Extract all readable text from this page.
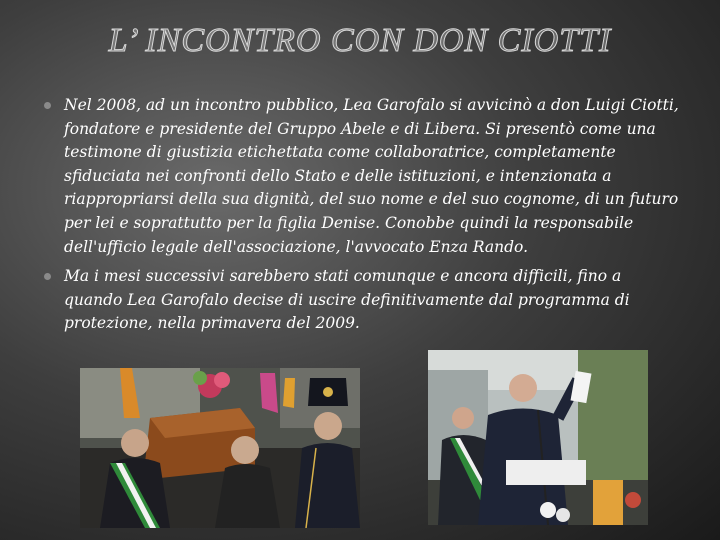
L’ INCONTRO CON DON CIOTTI
Nel 2008, ad un incontro pubblico, Lea Garofalo si avvicinò a don Luigi Ciotti, fondatore e presidente del Gruppo Abele e di Libera. Si presentò come una testimone di giustizia etichettata come collaboratrice, completamente sfiduciata nei confronti dello Stato e delle istituzioni, e intenzionata a riappropriarsi della sua dignità, del suo nome e del suo cognome, di un futuro per lei e soprattutto per la figlia Denise. Conobbe quindi la responsabile dell'ufficio legale dell'associazione, l'avvocato Enza Rando.
Ma i mesi successivi sarebbero stati comunque e ancora difficili, fino a quando Lea Garofalo decise di uscire definitivamente dal programma di protezione, nella primavera del 2009.
